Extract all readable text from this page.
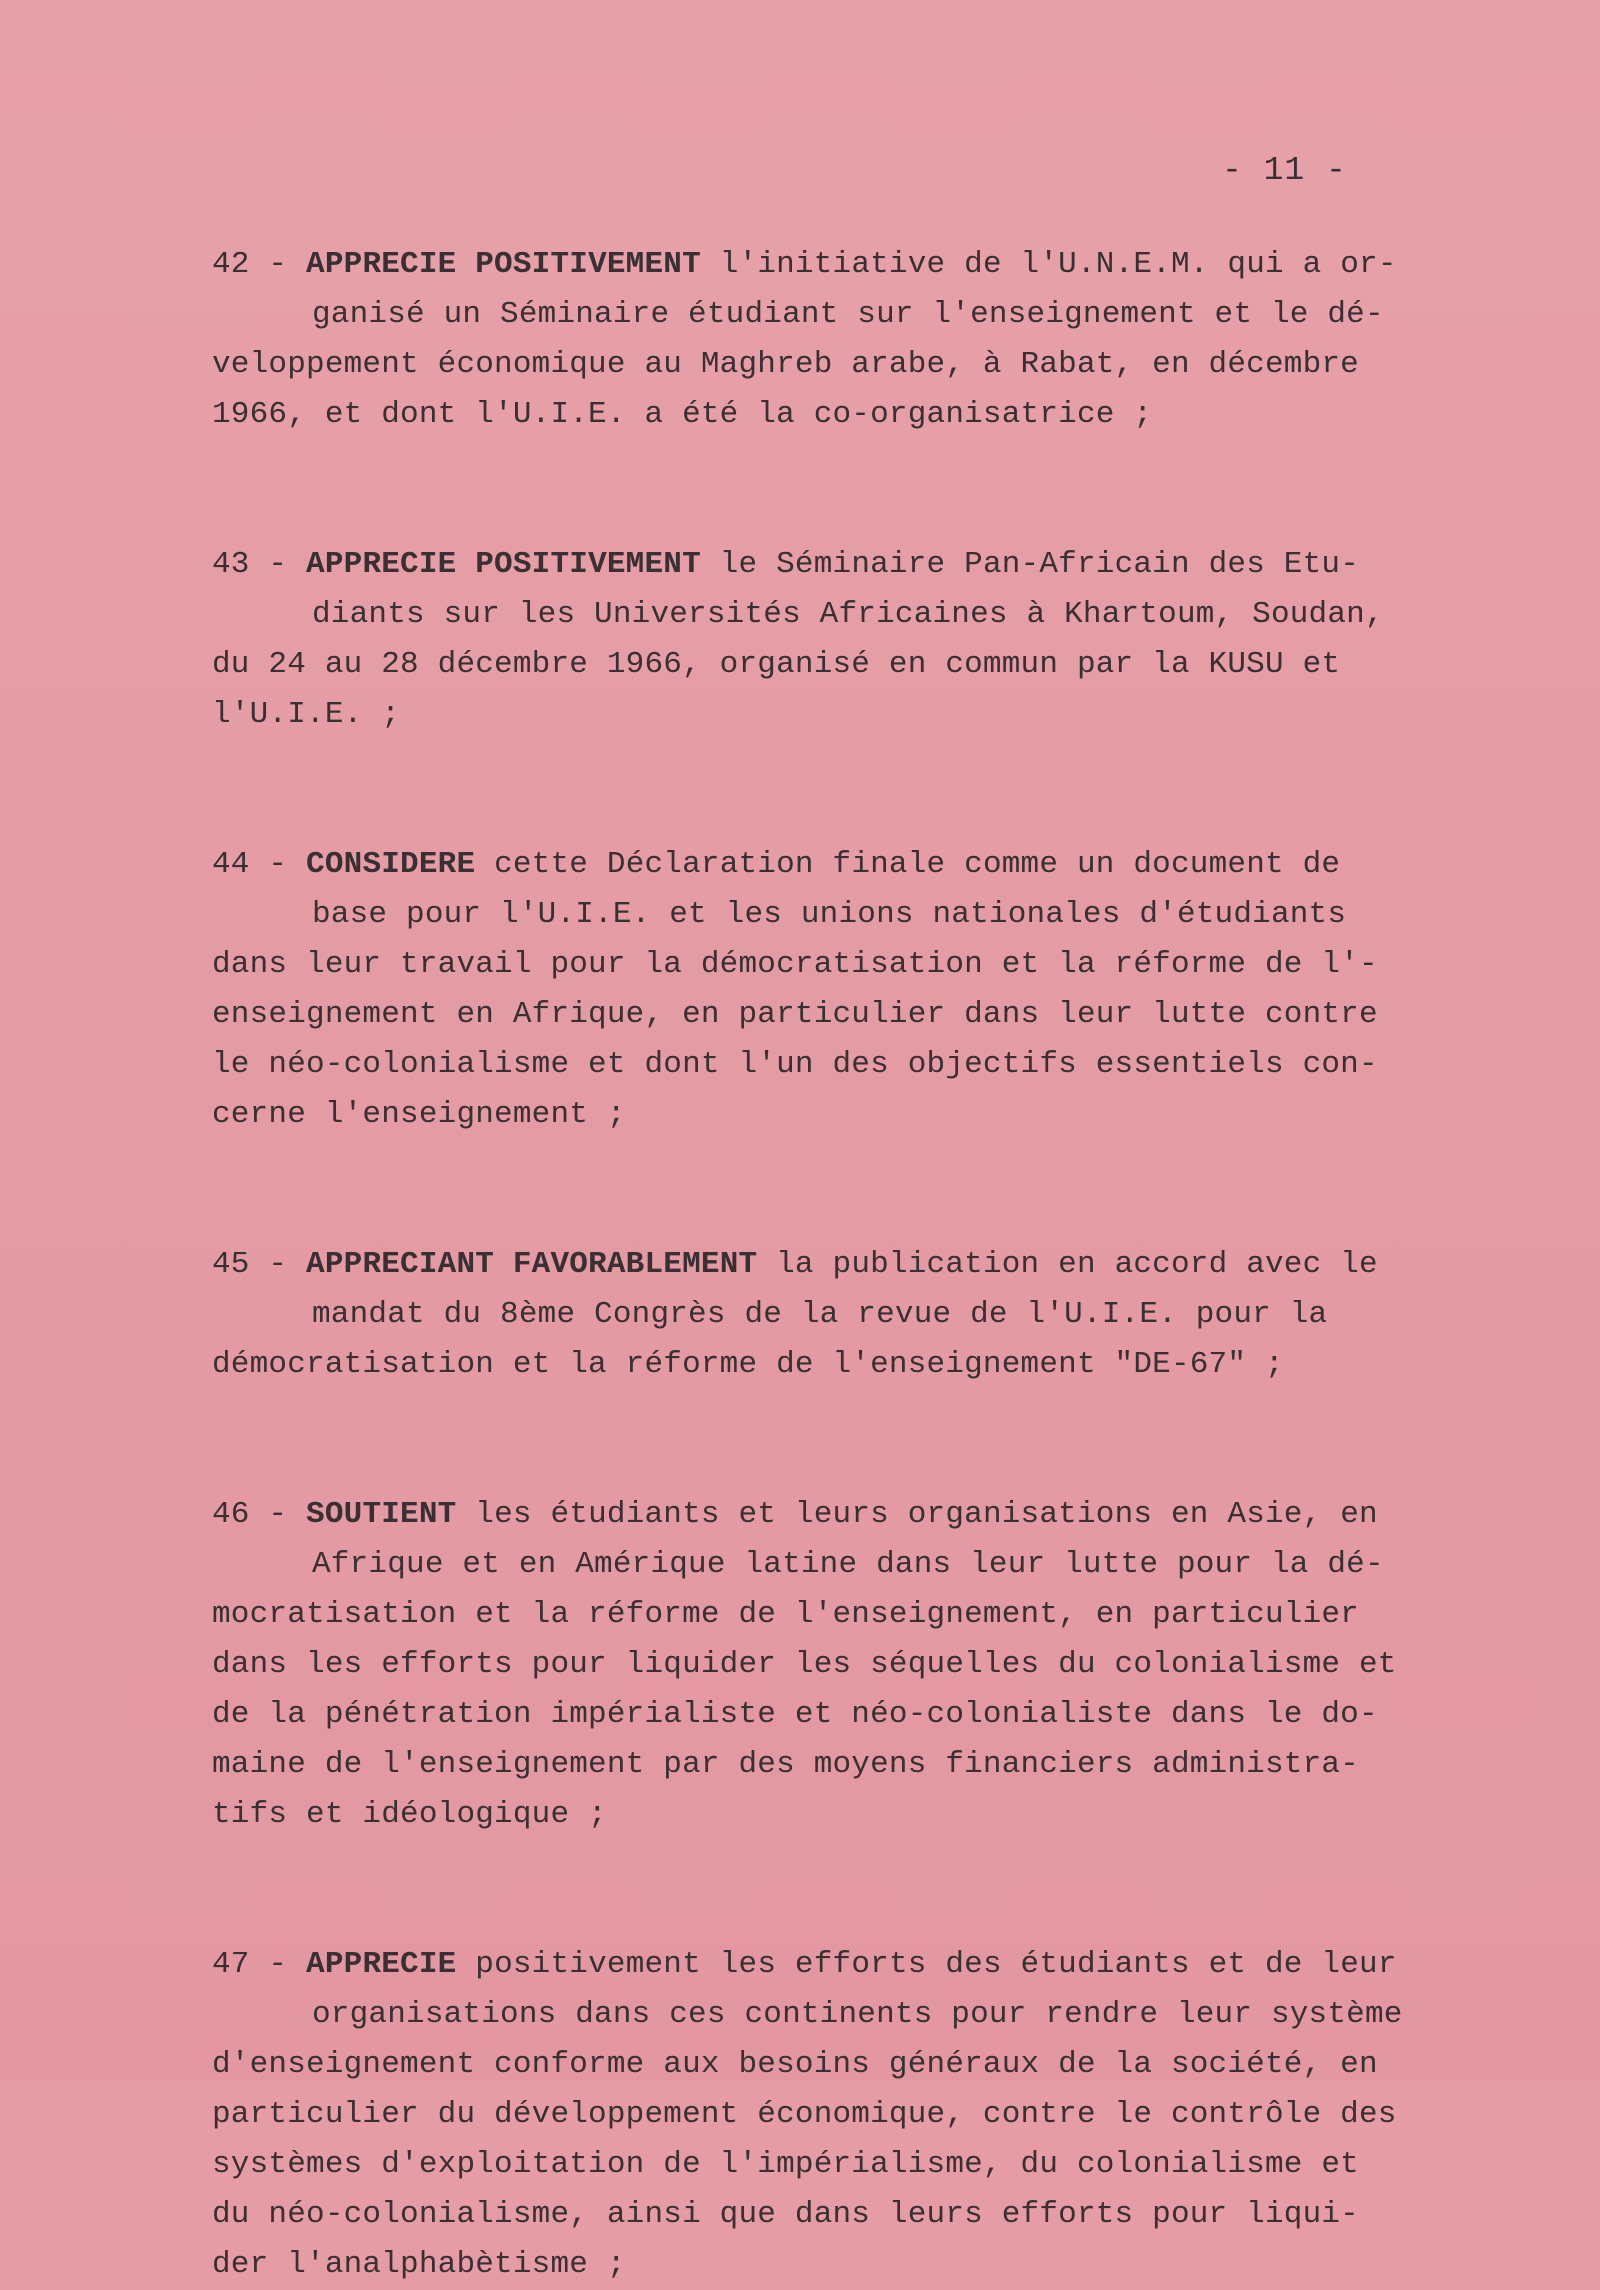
- 11 -
42 - APPRECIE POSITIVEMENT l'initiative de l'U.N.E.M. qui a or-
ganisé un Séminaire étudiant sur l'enseignement et le dé-
veloppement économique au Maghreb arabe, à Rabat, en décembre
1966, et dont l'U.I.E. a été la co-organisatrice ;
43 - APPRECIE POSITIVEMENT le Séminaire Pan-Africain des Etu-
diants sur les Universités Africaines à Khartoum, Soudan,
du 24 au 28 décembre 1966, organisé en commun par la KUSU et
l'U.I.E. ;
44 - CONSIDERE cette Déclaration finale comme un document de
base pour l'U.I.E. et les unions nationales d'étudiants
dans leur travail pour la démocratisation et la réforme de l'-
enseignement en Afrique, en particulier dans leur lutte contre
le néo-colonialisme et dont l'un des objectifs essentiels con-
cerne l'enseignement ;
45 - APPRECIANT FAVORABLEMENT la publication en accord avec le
mandat du 8ème Congrès de la revue de l'U.I.E. pour la
démocratisation et la réforme de l'enseignement "DE-67" ;
46 - SOUTIENT les étudiants et leurs organisations en Asie, en
Afrique et en Amérique latine dans leur lutte pour la dé-
mocratisation et la réforme de l'enseignement, en particulier
dans les efforts pour liquider les séquelles du colonialisme et
de la pénétration impérialiste et néo-colonialiste dans le do-
maine de l'enseignement par des moyens financiers administra-
tifs et idéologique ;
47 - APPRECIE positivement les efforts des étudiants et de leur
organisations dans ces continents pour rendre leur système
d'enseignement conforme aux besoins généraux de la société, en
particulier du développement économique, contre le contrôle des
systèmes d'exploitation de l'impérialisme, du colonialisme et
du néo-colonialisme, ainsi que dans leurs efforts pour liqui-
der l'analphabètisme ;
